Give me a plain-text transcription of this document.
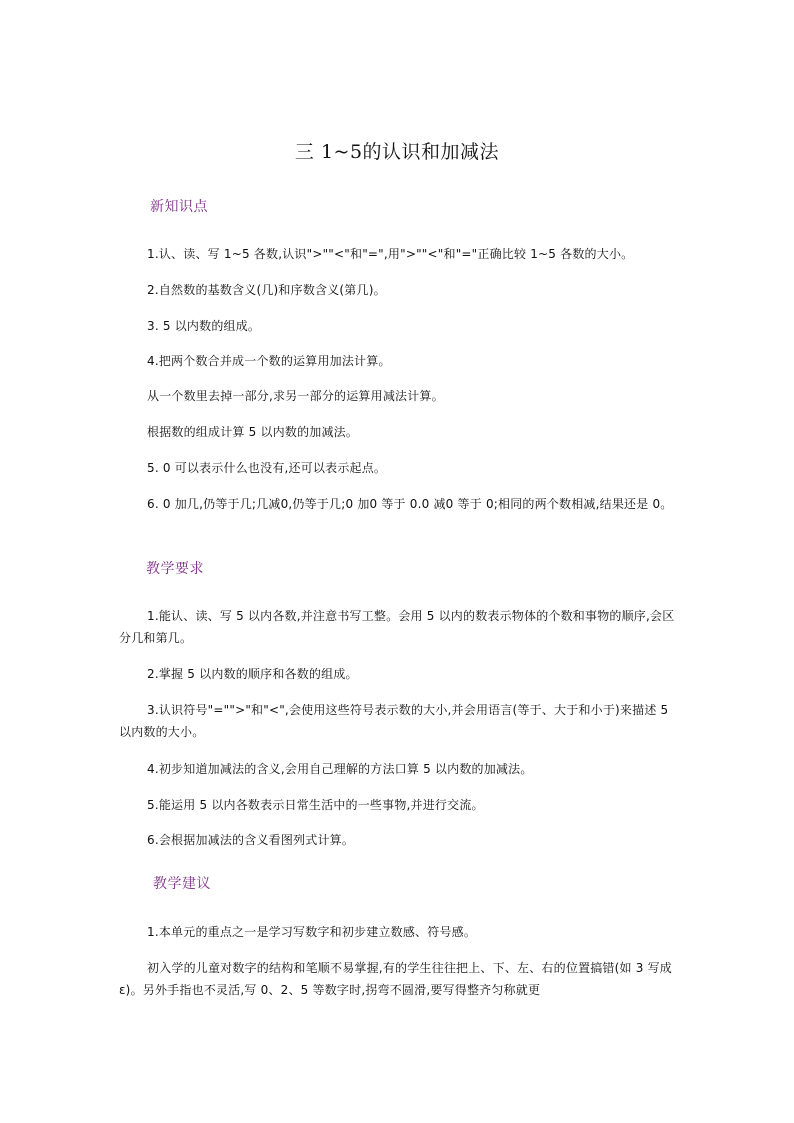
三 1~5的认识和加减法
新知识点
1.认、读、写 1~5 各数,认识">""<"和"=",用">""<"和"="正确比较 1~5 各数的大小。
2.自然数的基数含义(几)和序数含义(第几)。
3. 5 以内数的组成。
4.把两个数合并成一个数的运算用加法计算。
从一个数里去掉一部分,求另一部分的运算用减法计算。
根据数的组成计算 5 以内数的加减法。
5. 0 可以表示什么也没有,还可以表示起点。
6. 0 加几,仍等于几;几减0,仍等于几;0 加0 等于 0.0 减0 等于 0;相同的两个数相减,结果还是 0。
教学要求
1.能认、读、写 5 以内各数,并注意书写工整。会用 5 以内的数表示物体的个数和事物的顺序,会区分几和第几。
2.掌握 5 以内数的顺序和各数的组成。
3.认识符号"="">"和"<",会使用这些符号表示数的大小,并会用语言(等于、大于和小于)来描述 5 以内数的大小。
4.初步知道加减法的含义,会用自己理解的方法口算 5 以内数的加减法。
5.能运用 5 以内各数表示日常生活中的一些事物,并进行交流。
6.会根据加减法的含义看图列式计算。
教学建议
1.本单元的重点之一是学习写数字和初步建立数感、符号感。
初入学的儿童对数字的结构和笔顺不易掌握,有的学生往往把上、下、左、右的位置搞错(如 3 写成 ε)。另外手指也不灵活,写 0、2、5 等数字时,拐弯不圆滑,要写得整齐匀称就更
